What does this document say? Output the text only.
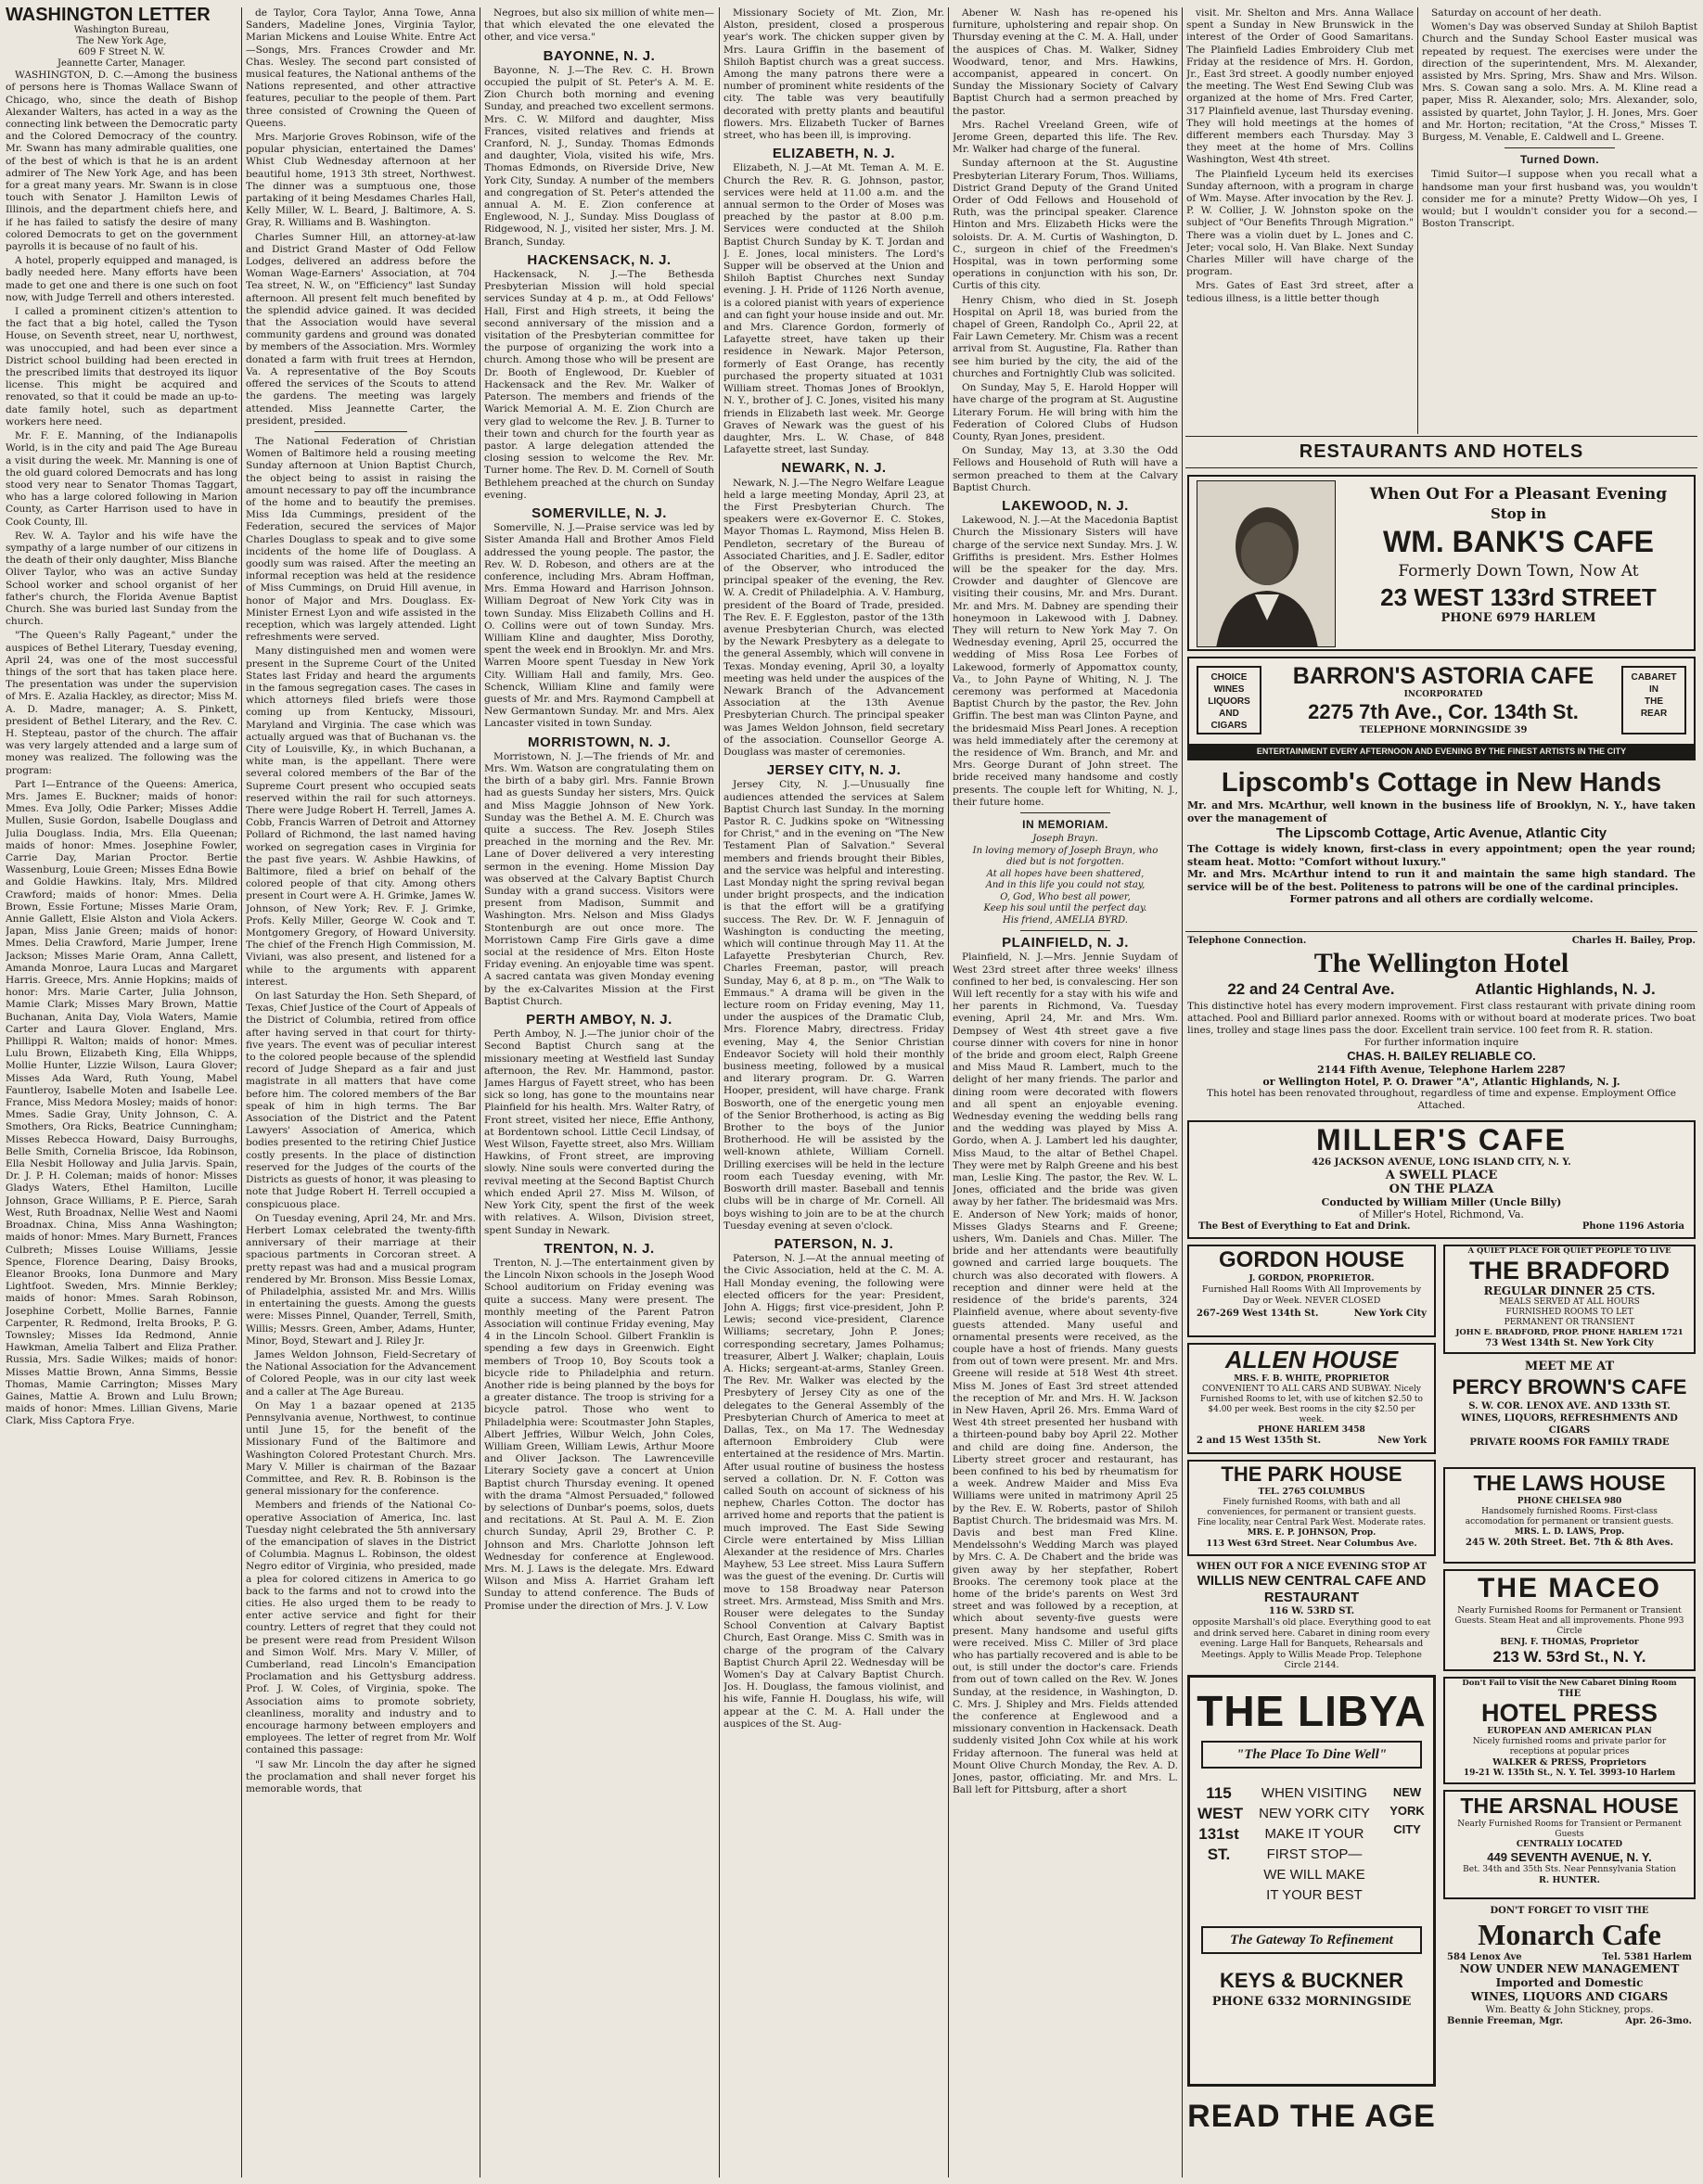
WASHINGTON LETTER
Washington Bureau,
The New York Age,
609 F Street N. W.
Jeannette Carter, Manager.

WASHINGTON, D. C.—Among the business of persons here is Thomas Wallace Swann of Chicago, who, since the death of Bishop Alexander Walters, has acted in a way as the connecting link between the Democratic party and the Colored Democracy of the country. Mr. Swann has many admirable qualities, one of the best of which is that he is an ardent admirer of The New York Age, and has been for a great many years. Mr. Swann is in close touch with Senator J. Hamilton Lewis of Illinois, and the department chiefs here, and if he has failed to satisfy the desire of many colored Democrats to get on the government payrolls it is because of no fault of his.

A hotel, properly equipped and managed, is badly needed here. Many efforts have been made to get one and there is one such on foot now, with Judge Terrell and others interested.

I called a prominent citizen's attention to the fact that a big hotel, called the Tyson House, on Seventh street, near U, northwest, was unoccupied, and had been ever since a District school building had been erected in the prescribed limits that destroyed its liquor license. This might be acquired and renovated, so that it could be made an up-to-date family hotel, such as department workers here need.

Mr. F. E. Manning, of the Indianapolis World, is in the city and paid The Age Bureau a visit during the week. Mr. Manning is one of the old guard colored Democrats and has long stood very near to Senator Thomas Taggart, who has a large colored following in Marion County, as Carter Harrison used to have in Cook County, Ill.

Rev. W. A. Taylor and his wife have the sympathy of a large number of our citizens in the death of their only daughter, Miss Blanche Oliver Taylor, who was an active Sunday School worker and school organist of her father's church, the Florida Avenue Baptist Church. She was buried last Sunday from the church.

"The Queen's Rally Pageant," under the auspices of Bethel Literary, Tuesday evening, April 24, was one of the most successful things of the sort that has taken place here. The presentation was under the supervision of Mrs. E. Azalia Hackley, as director; Miss M. A. D. Madre, manager; A. S. Pinkett, president of Bethel Literary, and the Rev. C. H. Stepteau, pastor of the church. The affair was very largely attended and a large sum of money was realized. The following was the program:

Part I—Entrance of the Queens: America, Mrs. James E. Buckner; maids of honor: Mmes. Eva Jolly, Odie Parker; Misses Addie Mullen, Susie Gordon, Isabelle Douglass and Julia Douglass. India, Mrs. Ella Queenan; maids of honor: Mmes. Josephine Fowler, Carrie Day, Marian Proctor. Bertie Wassenburg, Louie Green; Misses Edna Bowie and Goldie Hawkins. Italy, Mrs. Mildred Crawford; maids of honor: Mmes. Delia Brown, Essie Fortune; Misses Marie Oram, Annie Gallett, Elsie Alston and Viola Ackers. Japan, Miss Janie Green; maids of honor: Mmes. Delia Crawford, Marie Jumper, Irene Jackson; Misses Marie Oram, Anna Callett, Amanda Monroe, Laura Lucas and Margaret Harris. Greece, Mrs. Annie Hopkins; maids of honor: Mrs. Marie Carter, Julia Johnson, Mamie Clark; Misses Mary Brown, Mattie Buchanan, Anita Day, Viola Waters, Mamie Carter and Laura Glover. England, Mrs. Phillippi R. Walton; maids of honor: Mmes. Lulu Brown, Elizabeth King, Ella Whipps, Mollie Hunter, Lizzie Wilson, Laura Glover; Misses Ada Ward, Ruth Young, Mabel Fauntleroy, Isabelle Moten and Isabelle Lee. France, Miss Medora Mosley; maids of honor: Mmes. Sadie Gray, Unity Johnson, C. A. Smothers, Ora Ricks, Beatrice Cunningham; Misses Rebecca Howard, Daisy Burroughs, Belle Smith, Cornelia Briscoe, Ida Robinson, Ella Nesbit Holloway and Julia Jarvis. Spain, Dr. J. P. H. Coleman; maids of honor: Misses Gladys Waters, Ethel Hamilton, Lucille Johnson, Grace Williams, P. E. Pierce, Sarah West, Ruth Broadnax, Nellie West and Naomi Broadnax. China, Miss Anna Washington; maids of honor: Mmes. Mary Burnett, Frances Culbreth; Misses Louise Williams, Jessie Spence, Florence Dearing, Daisy Brooks, Eleanor Brooks, Iona Dunmore and Mary Lightfoot. Sweden, Mrs. Minnie Berkley; maids of honor: Mmes. Sarah Robinson, Josephine Corbett, Mollie Barnes, Fannie Carpenter, R. Redmond, Irelta Brooks, P. G. Townsley; Misses Ida Redmond, Annie Hawkman, Amelia Talbert and Eliza Prather. Russia, Mrs. Sadie Wilkes; maids of honor: Misses Mattie Brown, Anna Simms, Bessie Thomas, Mamie Carrington; Misses Mary Gaines, Mattie A. Brown and Lulu Brown; maids of honor: Mmes. Lillian Givens, Marie Clark, Miss Captora Frye.

de Taylor, Cora Taylor, Anna Towe, Anna Sanders, Madeline Jones, Virginia Taylor, Marian Mickens and Louise White. Entre Act—Songs, Mrs. Frances Crowder and Mr. Chas. Wesley. The second part consisted of musical features, the National anthems of the Nations represented, and other attractive features, peculiar to the people of them. Part three consisted of Crowning the Queen of Queens.

Mrs. Marjorie Groves Robinson, wife of the popular physician, entertained the Dames' Whist Club Wednesday afternoon at her beautiful home, 1913 3th street, Northwest. The dinner was a sumptuous one, those partaking of it being Mesdames Charles Hall, Kelly Miller, W. L. Beard, J. Baltimore, A. S. Gray, R. Williams and B. Washington.

Charles Sumner Hill, an attorney-at-law and District Grand Master of Odd Fellow Lodges, delivered an address before the Woman Wage-Earners' Association, at 704 Tea street, N. W., on "Efficiency" last Sunday afternoon. All present felt much benefited by the splendid advice gained. It was decided that the Association would have several community gardens and ground was donated by members of the Association. Mrs. Wormley donated a farm with fruit trees at Herndon, Va. A representative of the Boy Scouts offered the services of the Scouts to attend the gardens. The meeting was largely attended. Miss Jeannette Carter, the president, presided.

The National Federation of Christian Women of Baltimore held a rousing meeting Sunday afternoon at Union Baptist Church, the object being to assist in raising the amount necessary to pay off the incumbrance of the home and to beautify the premises. Miss Ida Cummings, president of the Federation, secured the services of Major Charles Douglass to speak and to give some incidents of the home life of Douglass. A goodly sum was raised. After the meeting an informal reception was held at the residence of Miss Cummings, on Druid Hill avenue, in honor of Major and Mrs. Douglass. Ex-Minister Ernest Lyon and wife assisted in the reception, which was largely attended. Light refreshments were served.

Many distinguished men and women were present in the Supreme Court of the United States last Friday and heard the arguments in the famous segregation cases. The cases in which attorneys filed briefs were those coming up from Kentucky, Missouri, Maryland and Virginia. The case which was actually argued was that of Buchanan vs. the City of Louisville, Ky., in which Buchanan, a white man, is the appellant. There were several colored members of the Bar of the Supreme Court present who occupied seats reserved within the rail for such attorneys. There were Judge Robert H. Terrell, James A. Cobb, Francis Warren of Detroit and Attorney Pollard of Richmond, the last named having worked on segregation cases in Virginia for the past five years. W. Ashbie Hawkins, of Baltimore, filed a brief on behalf of the colored people of that city. Among others present in Court were A. H. Grimke, James W. Johnson, of New York; Rev. F. J. Grimke, Profs. Kelly Miller, George W. Cook and T. Montgomery Gregory, of Howard University. The chief of the French High Commission, M. Viviani, was also present, and listened for a while to the arguments with apparent interest.

On last Saturday the Hon. Seth Shepard, of Texas, Chief Justice of the Court of Appeals of the District of Columbia, retired from office after having served in that court for thirty-five years. The event was of peculiar interest to the colored people because of the splendid record of Judge Shepard as a fair and just magistrate in all matters that have come before him. The colored members of the Bar speak of him in high terms. The Bar Association of the District and the Patent Lawyers' Association of America, which bodies presented to the retiring Chief Justice costly presents. In the place of distinction reserved for the Judges of the courts of the Districts as guests of honor, it was pleasing to note that Judge Robert H. Terrell occupied a conspicuous place.

On Tuesday evening, April 24, Mr. and Mrs. Herbert Lomax celebrated the twenty-fifth anniversary of their marriage at their spacious partments in Corcoran street. A pretty repast was had and a musical program rendered by Mr. Bronson. Miss Bessie Lomax, of Philadelphia, assisted Mr. and Mrs. Willis in entertaining the guests. Among the guests were: Misses Pinnel, Quander, Terrell, Smith, Willis; Messrs. Green, Amber, Adams, Hunter, Minor, Boyd, Stewart and J. Riley Jr.

James Weldon Johnson, Field-Secretary of the National Association for the Advancement of Colored People, was in our city last week and a caller at The Age Bureau.

On May 1 a bazaar opened at 2135 Pennsylvania avenue, Northwest, to continue until June 15, for the benefit of the Missionary Fund of the Baltimore and Washington Colored Protestant Church. Mrs. Mary V. Miller is chairman of the Bazaar Committee, and Rev. R. B. Robinson is the general missionary for the conference.

Members and friends of the National Co-operative Association of America, Inc. last Tuesday night celebrated the 5th anniversary of the emancipation of slaves in the District of Columbia. Magnus L. Robinson, the oldest Negro editor of Virginia, who presided, made a plea for colored citizens in America to go back to the farms and not to crowd into the cities. He also urged them to be ready to enter active service and fight for their country. Letters of regret that they could not be present were read from President Wilson and Simon Wolf. Mrs. Mary V. Miller, of Cumberland, read Lincoln's Emancipation Proclamation and his Gettysburg address. Prof. J. W. Coles, of Virginia, spoke. The Association aims to promote sobriety, cleanliness, morality and industry and to encourage harmony between employers and employees. The letter of regret from Mr. Wolf contained this passage:

"I saw Mr. Lincoln the day after he signed the proclamation and shall never forget his memorable words, that

Negroes, but also six million of white men—that which elevated the one elevated the other, and vice versa."

BAYONNE, N. J.

Bayonne, N. J.—The Rev. C. H. Brown occupied the pulpit of St. Peter's A. M. E. Zion Church both morning and evening Sunday, and preached two excellent sermons. Mrs. C. W. Milford and daughter, Miss Frances, visited relatives and friends at Cranford, N. J., Sunday. Thomas Edmonds and daughter, Viola, visited his wife, Mrs. Thomas Edmonds, on Riverside Drive, New York City, Sunday. A number of the members and congregation of St. Peter's attended the annual A. M. E. Zion conference at Englewood, N. J., Sunday. Miss Douglass of Ridgewood, N. J., visited her sister, Mrs. J. M. Branch, Sunday.

HACKENSACK, N. J.

Hackensack, N. J.—The Bethesda Presbyterian Mission will hold special services Sunday at 4 p. m., at Odd Fellows' Hall, First and High streets, it being the second anniversary of the mission and a visitation of the Presbyterian committee for the purpose of organizing the work into a church. Among those who will be present are Dr. Booth of Englewood, Dr. Kuebler of Hackensack and the Rev. Mr. Walker of Paterson. The members and friends of the Warick Memorial A. M. E. Zion Church are very glad to welcome the Rev. J. B. Turner to their town and church for the fourth year as pastor. A large delegation attended the closing session to welcome the Rev. Mr. Turner home. The Rev. D. M. Cornell of South Bethlehem preached at the church on Sunday evening.

SOMERVILLE, N. J.

Somerville, N. J.—Praise service was led by Sister Amanda Hall and Brother Amos Field addressed the young people. The pastor, the Rev. W. D. Robeson, and others are at the conference, including Mrs. Abram Hoffman, Mrs. Emma Howard and Harrison Johnson. William Degroat of New York City was in town Sunday. Miss Elizabeth Collins and H. O. Collins were out of town Sunday. Mrs. William Kline and daughter, Miss Dorothy, spent the week end in Brooklyn. Mr. and Mrs. Warren Moore spent Tuesday in New York City. William Hall and family, Mrs. Geo. Schenck, William Kline and family were guests of Mr. and Mrs. Raymond Campbell at New Germantown Sunday. Mr. and Mrs. Alex Lancaster visited in town Sunday.

MORRISTOWN, N. J.

Morristown, N. J.—The friends of Mr. and Mrs. Wm. Watson are congratulating them on the birth of a baby girl. Mrs. Fannie Brown had as guests Sunday her sisters, Mrs. Quick and Miss Maggie Johnson of New York. Sunday was the Bethel A. M. E. Church was quite a success. The Rev. Joseph Stiles preached in the morning and the Rev. Mr. Lane of Dover delivered a very interesting sermon in the evening. Home Mission Day was observed at the Calvary Baptist Church Sunday with a grand success. Visitors were present from Madison, Summit and Washington. Mrs. Nelson and Miss Gladys Stontenburgh are out once more. The Morristown Camp Fire Girls gave a dime social at the residence of Mrs. Elton Hoste Friday evening. An enjoyable time was spent. A sacred cantata was given Monday evening by the ex-Calvarites Mission at the First Baptist Church.

PERTH AMBOY, N. J.

Perth Amboy, N. J.—The junior choir of the Second Baptist Church sang at the missionary meeting at Westfield last Sunday afternoon, the Rev. Mr. Hammond, pastor. James Hargus of Fayett street, who has been sick so long, has gone to the mountains near Plainfield for his health. Mrs. Walter Ratry, of Front street, visited her niece, Effie Anthony, at Bordentown school. Little Cecil Lindsay, of West Wilson, Fayette street, also Mrs. William Hawkins, of Front street, are improving slowly. Nine souls were converted during the revival meeting at the Second Baptist Church which ended April 27. Miss M. Wilson, of New York City, spent the first of the week with relatives. A. Wilson, Division street, spent Sunday in Newark.

TRENTON, N. J.

Trenton, N. J.—The entertainment given by the Lincoln Nixon schools in the Joseph Wood School auditorium on Friday evening was quite a success. Many were present. The monthly meeting of the Parent Patron Association will continue Friday evening, May 4 in the Lincoln School. Gilbert Franklin is spending a few days in Greenwich. Eight members of Troop 10, Boy Scouts took a bicycle ride to Philadelphia and return. Another ride is being planned by the boys for a greater distance. The troop is striving for a bicycle patrol. Those who went to Philadelphia were: Scoutmaster John Staples, Albert Jeffries, Wilbur Welch, John Coles, William Green, William Lewis, Arthur Moore and Oliver Jackson. The Lawrenceville Literary Society gave a concert at Union Baptist church Thursday evening. It opened with the drama "Almost Persuaded," followed by selections of Dunbar's poems, solos, duets and recitations. At St. Paul A. M. E. Zion church Sunday, April 29, Brother C. P. Johnson and Mrs. Charlotte Johnson left Wednesday for conference at Englewood. Mrs. M. J. Laws is the delegate. Mrs. Edward Wilson and Miss A. Harriet Graham left Sunday to attend conference. The Buds of Promise under the direction of Mrs. J. V. Low

Missionary Society of Mt. Zion, Mr. Alston, president, closed a prosperous year's work. The chicken supper given by Mrs. Laura Griffin in the basement of Shiloh Baptist church was a great success. Among the many patrons there were a number of prominent white residents of the city. The table was very beautifully decorated with pretty plants and beautiful flowers. Mrs. Elizabeth Tucker of Barnes street, who has been ill, is improving.

ELIZABETH, N. J.

Elizabeth, N. J.—At Mt. Teman A. M. E. Church the Rev. R. G. Johnson, pastor, services were held at 11.00 a.m. and the annual sermon to the Order of Moses was preached by the pastor at 8.00 p.m. Services were conducted at the Shiloh Baptist Church Sunday by K. T. Jordan and J. E. Jones, local ministers. The Lord's Supper will be observed at the Union and Shiloh Baptist Churches next Sunday evening. J. H. Pride of 1126 North avenue, is a colored pianist with years of experience and can fight your house inside and out. Mr. and Mrs. Clarence Gordon, formerly of Lafayette street, have taken up their residence in Newark. Major Peterson, formerly of East Orange, has recently purchased the property situated at 1031 William street. Thomas Jones of Brooklyn, N. Y., brother of J. C. Jones, visited his many friends in Elizabeth last week. Mr. George Graves of Newark was the guest of his daughter, Mrs. L. W. Chase, of 848 Lafayette street, last Sunday.

NEWARK, N. J.

Newark, N. J.—The Negro Welfare League held a large meeting Monday, April 23, at the First Presbyterian Church. The speakers were ex-Governor E. C. Stokes, Mayor Thomas L. Raymond, Miss Helen B. Pendleton, secretary of the Bureau of Associated Charities, and J. E. Sadler, editor of the Observer, who introduced the principal speaker of the evening, the Rev. W. A. Credit of Philadelphia. A. V. Hamburg, president of the Board of Trade, presided. The Rev. E. F. Eggleston, pastor of the 13th avenue Presbyterian Church, was elected by the Newark Presbytery as a delegate to the general Assembly, which will convene in Texas. Monday evening, April 30, a loyalty meeting was held under the auspices of the Newark Branch of the Advancement Association at the 13th Avenue Presbyterian Church. The principal speaker was James Weldon Johnson, field secretary of the association. Counsellor George A. Douglass was master of ceremonies.

JERSEY CITY, N. J.

Jersey City, N. J.—Unusually fine audiences attended the services at Salem Baptist Church last Sunday. In the morning Pastor R. C. Judkins spoke on "Witnessing for Christ," and in the evening on "The New Testament Plan of Salvation." Several members and friends brought their Bibles, and the service was helpful and interesting. Last Monday night the spring revival began under bright prospects, and the indication is that the effort will be a gratifying success. The Rev. Dr. W. F. Jennaguin of Washington is conducting the meeting, which will continue through May 11. At the Lafayette Presbyterian Church, Rev. Charles Freeman, pastor, will preach Sunday, May 6, at 8 p. m., on "The Walk to Emmaus." A drama will be given in the lecture room on Friday evening, May 11, under the auspices of the Dramatic Club, Mrs. Florence Mabry, directress. Friday evening, May 4, the Senior Christian Endeavor Society will hold their monthly business meeting, followed by a musical and literary program. Dr. G. Warren Hooper, president, will have charge. Frank Bosworth, one of the energetic young men of the Senior Brotherhood, is acting as Big Brother to the boys of the Junior Brotherhood. He will be assisted by the well-known athlete, William Cornell. Drilling exercises will be held in the lecture room each Tuesday evening, with Mr. Bosworth drill master. Baseball and tennis clubs will be in charge of Mr. Cornell. All boys wishing to join are to be at the church Tuesday evening at seven o'clock.

PATERSON, N. J.

Paterson, N. J.—At the annual meeting of the Civic Association, held at the C. M. A. Hall Monday evening, the following were elected officers for the year: President, John A. Higgs; first vice-president, John P. Lewis; second vice-president, Clarence Williams; secretary, John P. Jones; corresponding secretary, James Polhamus; treasurer, Albert J. Walker; chaplain, Louis A. Hicks; sergeant-at-arms, Stanley Green. The Rev. Mr. Walker was elected by the Presbytery of Jersey City as one of the delegates to the General Assembly of the Presbyterian Church of America to meet at Dallas, Tex., on Ma 17. The Wednesday afternoon Embroidery Club were entertained at the residence of Mrs. Martin. After usual routine of business the hostess served a collation. Dr. N. F. Cotton was called South on account of sickness of his nephew, Charles Cotton. The doctor has arrived home and reports that the patient is much improved. The East Side Sewing Circle were entertained by Miss Lillian Alexander at the residence of Mrs. Charles Mayhew, 53 Lee street. Miss Laura Suffern was the guest of the evening. Dr. Curtis will move to 158 Broadway near Paterson street. Mrs. Armstead, Miss Smith and Mrs. Rouser were delegates to the Sunday School Convention at Calvary Baptist Church, East Orange. Miss C. Smith was in charge of the program of the Calvary Baptist Church April 22. Wednesday will be Women's Day at Calvary Baptist Church. Jos. H. Douglass, the famous violinist, and his wife, Fannie H. Douglass, his wife, will appear at the C. M. A. Hall under the auspices of the St. Aug-

Abener W. Nash has re-opened his furniture, upholstering and repair shop. On Thursday evening at the C. M. A. Hall, under the auspices of Chas. M. Walker, Sidney Woodward, tenor, and Mrs. Hawkins, accompanist, appeared in concert. On Sunday the Missionary Society of Calvary Baptist Church had a sermon preached by the pastor.

Mrs. Rachel Vreeland Green, wife of Jerome Green, departed this life. The Rev. Mr. Walker had charge of the funeral.

Sunday afternoon at the St. Augustine Presbyterian Literary Forum, Thos. Williams, District Grand Deputy of the Grand United Order of Odd Fellows and Household of Ruth, was the principal speaker. Clarence Hinton and Mrs. Elizabeth Hicks were the soloists. Dr. A. M. Curtis of Washington, D. C., surgeon in chief of the Freedmen's Hospital, was in town performing some operations in conjunction with his son, Dr. Curtis of this city.

Henry Chism, who died in St. Joseph Hospital on April 18, was buried from the chapel of Green, Randolph Co., April 22, at Fair Lawn Cemetery. Mr. Chism was a recent arrival from St. Augustine, Fla. Rather than see him buried by the city, the aid of the churches and Fortnightly Club was solicited.

On Sunday, May 5, E. Harold Hopper will have charge of the program at St. Augustine Literary Forum. He will bring with him the Federation of Colored Clubs of Hudson County, Ryan Jones, president.

On Sunday, May 13, at 3.30 the Odd Fellows and Household of Ruth will have a sermon preached to them at the Calvary Baptist Church.

LAKEWOOD, N. J.

Lakewood, N. J.—At the Macedonia Baptist Church the Missionary Sisters will have charge of the service next Sunday. Mrs. J. W. Griffiths is president. Mrs. Esther Holmes will be the speaker for the day. Mrs. Crowder and daughter of Glencove are visiting their cousins, Mr. and Mrs. Durant. Mr. and Mrs. M. Dabney are spending their honeymoon in Lakewood with J. Dabney. They will return to New York May 7. On Wednesday evening, April 25, occurred the wedding of Miss Rosa Lee Forbes of Lakewood, formerly of Appomattox county, Va., to John Payne of Whiting, N. J. The ceremony was performed at Macedonia Baptist Church by the pastor, the Rev. John Griffin. The best man was Clinton Payne, and the bridesmaid Miss Pearl Jones. A reception was held immediately after the ceremony at the residence of Wm. Branch, and Mr. and Mrs. George Durant of John street. The bride received many handsome and costly presents. The couple left for Whiting, N. J., their future home.

IN MEMORIAM.
Joseph Brayn.
In loving memory of Joseph Brayn, who
died but is not forgotten.
At all hopes have been shattered,
And in this life you could not stay,
O, God, Who best all power,
Keep his soul until the perfect day.
His friend, AMELIA BYRD.
PLAINFIELD, N. J.

Plainfield, N. J.—Mrs. Jennie Suydam of West 23rd street after three weeks' illness confined to her bed, is convalescing. Her son Will left recently for a stay with his wife and her parents in Richmond, Va. Tuesday evening, April 24, Mr. and Mrs. Wm. Dempsey of West 4th street gave a five course dinner with covers for nine in honor of the bride and groom elect, Ralph Greene and Miss Maud R. Lambert, much to the delight of her many friends. The parlor and dining room were decorated with flowers and all spent an enjoyable evening. Wednesday evening the wedding bells rang and the wedding was played by Miss A. Gordo, when A. J. Lambert led his daughter, Miss Maud, to the altar of Bethel Chapel. They were met by Ralph Greene and his best man, Leslie King. The pastor, the Rev. W. L. Jones, officiated and the bride was given away by her father. The bridesmaid was Mrs. E. Anderson of New York; maids of honor, Misses Gladys Stearns and F. Greene; ushers, Wm. Daniels and Chas. Miller. The bride and her attendants were beautifully gowned and carried large bouquets. The church was also decorated with flowers. A reception and dinner were held at the residence of the bride's parents, 324 Plainfield avenue, where about seventy-five guests attended. Many useful and ornamental presents were received, as the couple have a host of friends. Many guests from out of town were present. Mr. and Mrs. Greene will reside at 518 West 4th street. Miss M. Jones of East 3rd street attended the reception of Mr. and Mrs. H. W. Jackson in New Haven, April 26. Mrs. Emma Ward of West 4th street presented her husband with a thirteen-pound baby boy April 22. Mother and child are doing fine. Anderson, the Liberty street grocer and restaurant, has been confined to his bed by rheumatism for a week. Andrew Maider and Miss Eva Williams were united in matrimony April 25 by the Rev. E. W. Roberts, pastor of Shiloh Baptist Church. The bridesmaid was Mrs. M. Davis and best man Fred Kline. Mendelssohn's Wedding March was played by Mrs. C. A. De Chabert and the bride was given away by her stepfather, Robert Brooks. The ceremony took place at the home of the bride's parents on West 3rd street and was followed by a reception, at which about seventy-five guests were present. Many handsome and useful gifts were received. Miss C. Miller of 3rd place who has partially recovered and is able to be out, is still under the doctor's care. Friends from out of town called on the Rev. W. Jones Sunday, at the residence, in Washington, D. C. Mrs. J. Shipley and Mrs. Fields attended the conference at Englewood and a missionary convention in Hackensack. Death suddenly visited John Cox while at his work Friday afternoon. The funeral was held at Mount Olive Church Monday, the Rev. A. D. Jones, pastor, officiating. Mr. and Mrs. L. Ball left for Pittsburg, after a short

visit. Mr. Shelton and Mrs. Anna Wallace spent a Sunday in New Brunswick in the interest of the Order of Good Samaritans. The Plainfield Ladies Embroidery Club met Friday at the residence of Mrs. H. Gordon, Jr., East 3rd street. A goodly number enjoyed the meeting. The West End Sewing Club was organized at the home of Mrs. Fred Carter, 317 Plainfield avenue, last Thursday evening. They will hold meetings at the homes of different members each Thursday. May 3 they meet at the home of Mrs. Collins Washington, West 4th street.

The Plainfield Lyceum held its exercises Sunday afternoon, with a program in charge of Wm. Mayse. After invocation by the Rev. J. P. W. Collier, J. W. Johnston spoke on the subject of "Our Benefits Through Migration." There was a violin duet by L. Jones and C. Jeter; vocal solo, H. Van Blake. Next Sunday Charles Miller will have charge of the program.

Mrs. Gates of East 3rd street, after a tedious illness, is a little better though

Saturday on account of her death.

Women's Day was observed Sunday at Shiloh Baptist Church and the Sunday School Easter musical was repeated by request. The exercises were under the direction of the superintendent, Mrs. M. Alexander, assisted by Mrs. Spring, Mrs. Shaw and Mrs. Wilson. Mrs. S. Cowan sang a solo. Mrs. A. M. Kline read a paper, Miss R. Alexander, solo; Mrs. Alexander, solo, assisted by quartet, John Taylor, J. H. Jones, Mrs. Goer and Mr. Horton; recitation, "At the Cross," Misses T. Burgess, M. Venable, E. Caldwell and L. Greene.

Turned Down.

Timid Suitor—I suppose when you recall what a handsome man your first husband was, you wouldn't consider me for a minute? Pretty Widow—Oh yes, I would; but I wouldn't consider you for a second.—Boston Transcript.

RESTAURANTS AND HOTELS
When Out For a Pleasant Evening
Stop in
WM. BANK'S CAFE
Formerly Down Town, Now At
23 WEST 133rd STREET
PHONE 6979 HARLEM
CHOICE
WINES
LIQUORS
AND
CIGARS
BARRON'S ASTORIA CAFE
INCORPORATED
2275 7th Ave., Cor. 134th St.
TELEPHONE MORNINGSIDE 39
CABARET
IN
THE
REAR
ENTERTAINMENT EVERY AFTERNOON AND EVENING BY THE FINEST ARTISTS IN THE CITY
Lipscomb's Cottage in New Hands
Mr. and Mrs. McArthur, well known in the business life of Brooklyn, N. Y., have taken over the management of
The Lipscomb Cottage, Artic Avenue, Atlantic City
The Cottage is widely known, first-class in every appointment; open the year round; steam heat. Motto: "Comfort without luxury."
Mr. and Mrs. McArthur intend to run it and maintain the same high standard. The service will be of the best. Politeness to patrons will be one of the cardinal principles.
Former patrons and all others are cordially welcome.
Telephone Connection.	Charles H. Bailey, Prop.
The Wellington Hotel
22 and 24 Central Ave.	Atlantic Highlands, N. J.
This distinctive hotel has every modern improvement. First class restaurant with private dining room attached. Pool and Billiard parlor annexed. Rooms with or without board at moderate prices. Two boat lines, trolley and stage lines pass the door. Excellent train service. 100 feet from R. R. station.
For further information inquire
CHAS. H. BAILEY RELIABLE CO.
2144 Fifth Avenue, Telephone Harlem 2287
or Wellington Hotel, P. O. Drawer "A", Atlantic Highlands, N. J.
This hotel has been renovated throughout, regardless of time and expense. Employment Office Attached.
MILLER'S CAFE
426 JACKSON AVENUE, LONG ISLAND CITY, N. Y.
A SWELL PLACE
ON THE PLAZA
Conducted by William Miller (Uncle Billy)
of Miller's Hotel, Richmond, Va.
The Best of Everything to Eat and Drink.	Phone 1196 Astoria
GORDON HOUSE
J. GORDON, PROPRIETOR.
Furnished Hall Rooms With All Improvements by Day or Week. NEVER CLOSED
267-269 West 134th St.	New York City
ALLEN HOUSE
MRS. F. B. WHITE, PROPRIETOR
CONVENIENT TO ALL CARS AND SUBWAY. Nicely Furnished Rooms to let, with use of kitchen $2.50 to $4.00 per week. Best rooms in the city $2.50 per week.
PHONE HARLEM 3458
2 and 15 West 135th St.	New York
THE PARK HOUSE
TEL. 2765 COLUMBUS
Finely furnished Rooms, with bath and all conveniences, for permanent or transient guests. Fine locality, near Central Park West. Moderate rates.
MRS. E. P. JOHNSON, Prop.
113 West 63rd Street. Near Columbus Ave.
WHEN OUT FOR A NICE EVENING STOP AT
WILLIS NEW CENTRAL CAFE AND RESTAURANT
116 W. 53RD ST.
opposite Marshall's old place. Everything good to eat and drink served here. Cabaret in dining room every evening. Large Hall for Banquets, Rehearsals and Meetings. Apply to Willis Meade Prop. Telephone Circle 2144.
THE LIBYA
"The Place To Dine Well"
115
WEST
131st
ST.
WHEN VISITING
NEW YORK CITY
MAKE IT YOUR
FIRST STOP—
WE WILL MAKE
IT YOUR BEST
NEW
YORK
CITY
The Gateway To Refinement
KEYS & BUCKNER
PHONE 6332 MORNINGSIDE
READ THE AGE
A QUIET PLACE FOR QUIET PEOPLE TO LIVE
THE BRADFORD
REGULAR DINNER 25 CTS.
MEALS SERVED AT ALL HOURS
FURNISHED ROOMS TO LET
PERMANENT OR TRANSIENT
JOHN E. BRADFORD, PROP. PHONE HARLEM 1721
73 West 134th St. New York City
MEET ME AT
PERCY BROWN'S CAFE
S. W. COR. LENOX AVE. AND 133th ST.
WINES, LIQUORS, REFRESHMENTS AND CIGARS
PRIVATE ROOMS FOR FAMILY TRADE
THE LAWS HOUSE
PHONE CHELSEA 980
Handsomely furnished Rooms. First-class accomodation for permanent or transient guests.
MRS. L. D. LAWS, Prop.
245 W. 20th Street. Bet. 7th & 8th Aves.
THE MACEO
Nearly Furnished Rooms for Permanent or Transient Guests. Steam Heat and all improvements. Phone 993 Circle
BENJ. F. THOMAS, Proprietor
213 W. 53rd St., N. Y.
Don't Fail to Visit the New Cabaret Dining Room
THE
HOTEL PRESS
EUROPEAN AND AMERICAN PLAN
Nicely furnished rooms and private parlor for receptions at popular prices
WALKER & PRESS, Proprietors
19-21 W. 135th St., N. Y. Tel. 3993-10 Harlem
THE ARSNAL HOUSE
Nearly Furnished Rooms for Transient or Permanent Guests
CENTRALLY LOCATED
449 SEVENTH AVENUE, N. Y.
Bet. 34th and 35th Sts. Near Pennsylvania Station
R. HUNTER.
DON'T FORGET TO VISIT THE
Monarch Cafe
584 Lenox Ave	Tel. 5381 Harlem
NOW UNDER NEW MANAGEMENT
Imported and Domestic
WINES, LIQUORS AND CIGARS
Wm. Beatty & John Stickney, props.
Bennie Freeman, Mgr.	Apr. 26-3mo.
